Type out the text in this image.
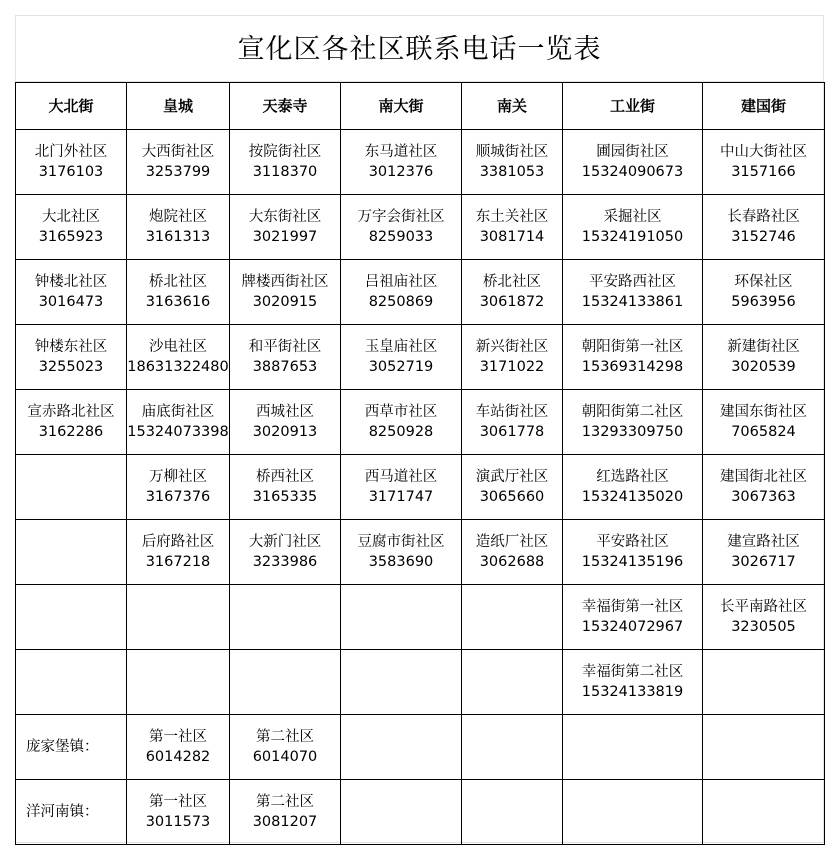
宣化区各社区联系电话一览表
大北街	皇城	天泰寺	南大街	南关	工业街	建国街

北门外社区
3176103	大西街社区
3253799	按院街社区
3118370	东马道社区
3012376	顺城街社区
3381053	圃园街社区
15324090673	中山大街社区
3157166

大北社区
3165923	炮院社区
3161313	大东街社区
3021997	万字会街社区
8259033	东土关社区
3081714	采掘社区
15324191050	长春路社区
3152746

钟楼北社区
3016473	桥北社区
3163616	牌楼西街社区
3020915	吕祖庙社区
8250869	桥北社区
3061872	平安路西社区
15324133861	环保社区
5963956

钟楼东社区
3255023	沙电社区
18631322480	和平街社区
3887653	玉皇庙社区
3052719	新兴街社区
3171022	朝阳街第一社区
15369314298	新建街社区
3020539

宣赤路北社区
3162286	庙底街社区
15324073398	西城社区
3020913	西草市社区
8250928	车站街社区
3061778	朝阳街第二社区
13293309750	建国东街社区
7065824

	万柳社区
3167376	桥西社区
3165335	西马道社区
3171747	演武厅社区
3065660	红选路社区
15324135020	建国街北社区
3067363

	后府路社区
3167218	大新门社区
3233986	豆腐市街社区
3583690	造纸厂社区
3062688	平安路社区
15324135196	建宣路社区
3026717

					幸福街第一社区
15324072967	长平南路社区
3230505

					幸福街第二社区
15324133819	

庞家堡镇：	第一社区
6014282	第二社区
6014070				

洋河南镇：	第一社区
3011573	第二社区
3081207				
